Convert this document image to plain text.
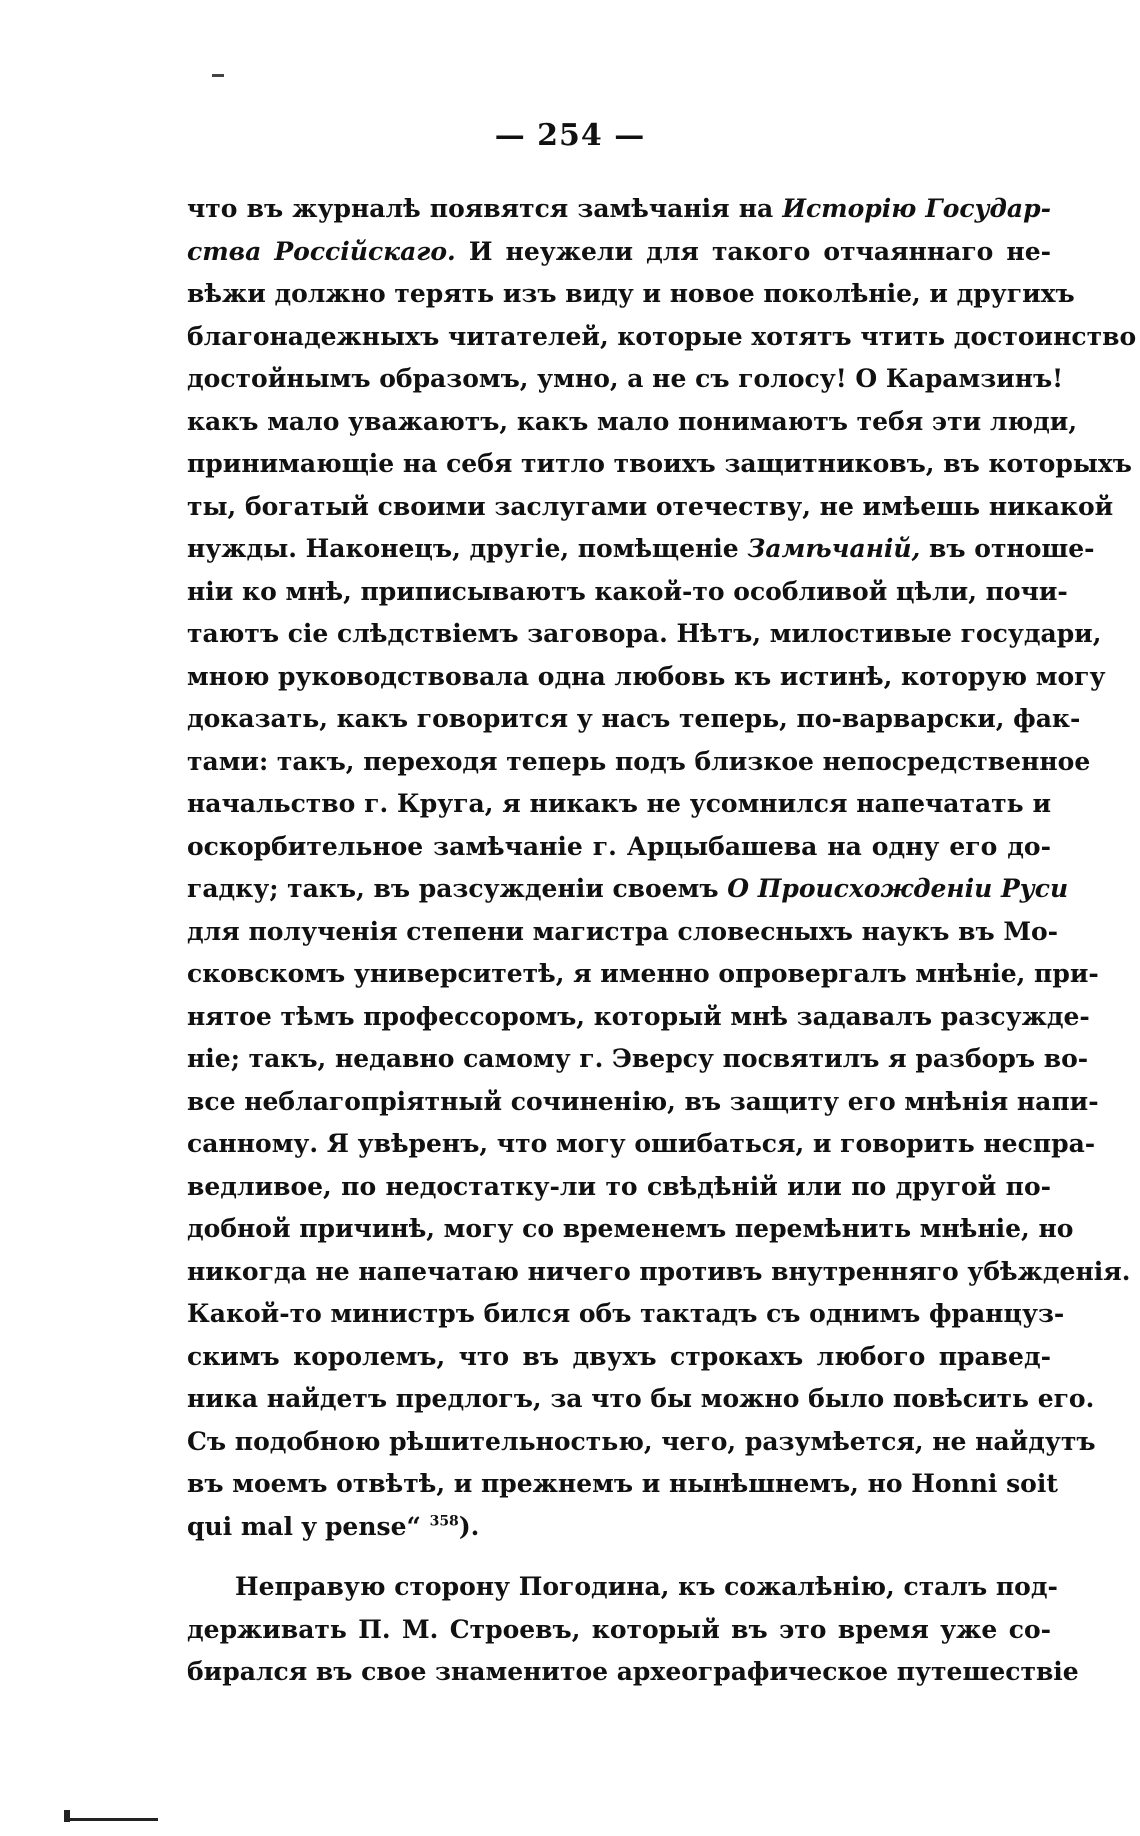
— 254 —
что въ журналѣ появятся замѣчанія на Исторію Государ-
ства Россійскаго. И неужели для такого отчаяннаго не-
вѣжи должно терять изъ виду и новое поколѣніе, и другихъ
благонадежныхъ читателей, которые хотятъ чтить достоинство
достойнымъ образомъ, умно, а не съ голосу! О Карамзинъ!
какъ мало уважаютъ, какъ мало понимаютъ тебя эти люди,
принимающіе на себя титло твоихъ защитниковъ, въ которыхъ
ты, богатый своими заслугами отечеству, не имѣешь никакой
нужды. Наконецъ, другіе, помѣщеніе Замѣчаній, въ отноше-
ніи ко мнѣ, приписываютъ какой-то особливой цѣли, почи-
таютъ сіе слѣдствіемъ заговора. Нѣтъ, милостивые государи,
мною руководствовала одна любовь къ истинѣ, которую могу
доказать, какъ говорится у насъ теперь, по-варварски, фак-
тами: такъ, переходя теперь подъ близкое непосредственное
начальство г. Круга, я никакъ не усомнился напечатать и
оскорбительное замѣчаніе г. Арцыбашева на одну его до-
гадку; такъ, въ разсужденіи своемъ О Происхожденіи Руси
для полученія степени магистра словесныхъ наукъ въ Мо-
сковскомъ университетѣ, я именно опровергалъ мнѣніе, при-
нятое тѣмъ профессоромъ, который мнѣ задавалъ разсужде-
ніе; такъ, недавно самому г. Эверсу посвятилъ я разборъ во-
все неблагопріятный сочиненію, въ защиту его мнѣнія напи-
санному. Я увѣренъ, что могу ошибаться, и говорить неспра-
ведливое, по недостатку-ли то свѣдѣній или по другой по-
добной причинѣ, могу со временемъ перемѣнить мнѣніе, но
никогда не напечатаю ничего противъ внутренняго убѣжденія.
Какой-то министръ бился объ тактадъ съ однимъ француз-
скимъ королемъ, что въ двухъ строкахъ любого правед-
ника найдетъ предлогъ, за что бы можно было повѣсить его.
Съ подобною рѣшительностью, чего, разумѣется, не найдутъ
въ моемъ отвѣтѣ, и прежнемъ и нынѣшнемъ, но Honni soit
qui mal y pense“ $^{358}$).
Неправую сторону Погодина, къ сожалѣнію, сталъ под-
держивать П. М. Строевъ, который въ это время уже со-
бирался въ свое знаменитое археографическое путешествіе
